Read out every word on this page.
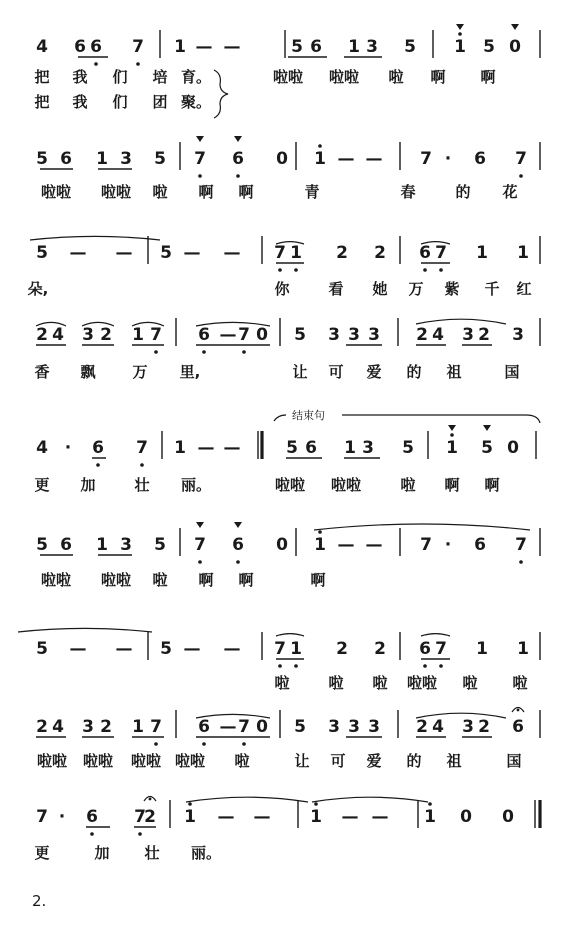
4 6 6 7 1 — —	5 6 1 3 5 1 5 0
把 我 们 培 育。	啦啦 啦啦 啦 啊 啊
把 我 们 团 聚。
5 6 1 3 5 7 6 0 1 — — 7 · 6 7
啦啦 啦啦 啦 啊 啊	青	春	的 花
5 — — 5 — — 7 1 2 2 6 7 1 1
朵,	你	看 她 万 紫 千 红
2 4 3 2 1 7 6 — 7 0 5 3 3 3 2 4 3 2 3
香 飘 万 里,	让 可 爱 的 祖	国
4 · 6 7 1 — —	5 6 1 3 5 1 5 0
更 加	壮 丽。	啦啦 啦啦	啦 啊 啊
结束句
5 6 1 3 5 7 6 0 1 — — 7 · 6 7
啦啦 啦啦 啦 啊 啊	啊
5 — — 5 — — 7 1 2 2 6 7 1 1
啦	啦 啦 啦啦 啦 啦
2 4 3 2 1 7 6 — 7 0 5 3 3 3 2 4 3 2 6
啦啦 啦啦 啦啦 啦啦 啦	让 可 爱 的 祖	国
7 · 6 7
2 1 — — 1 — — 1 0 0
更	加 壮 丽。
2.
